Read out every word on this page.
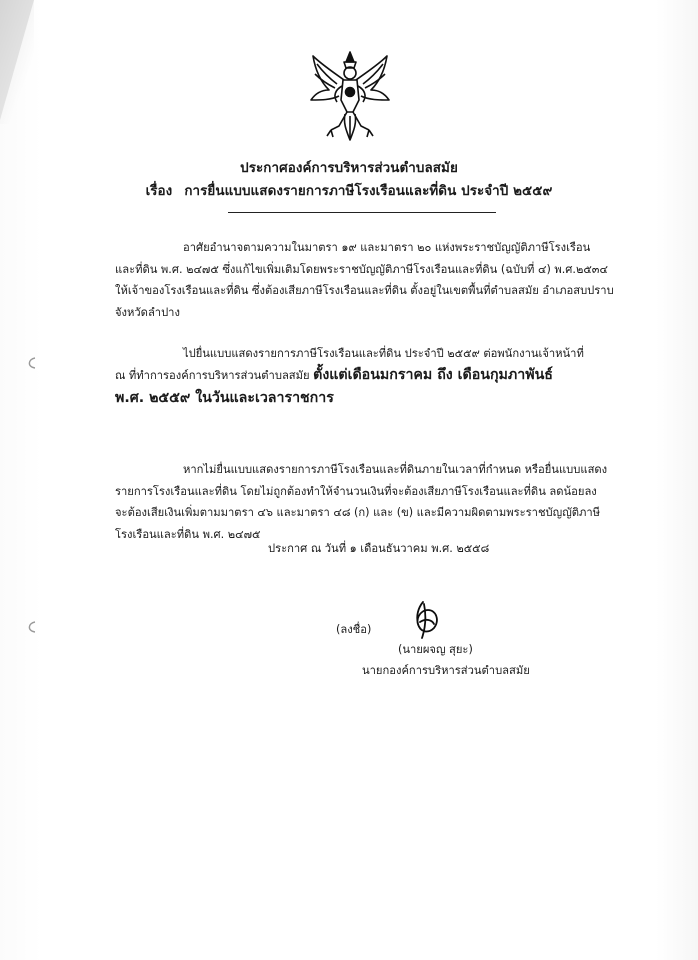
ประกาศองค์การบริหารส่วนตำบลสมัย
เรื่อง การยื่นแบบแสดงรายการภาษีโรงเรือนและที่ดิน ประจำปี ๒๕๕๙
อาศัยอำนาจตามความในมาตรา ๑๙ และมาตรา ๒๐ แห่งพระราชบัญญัติภาษีโรงเรือน
และที่ดิน พ.ศ. ๒๔๗๕ ซึ่งแก้ไขเพิ่มเติมโดยพระราชบัญญัติภาษีโรงเรือนและที่ดิน (ฉบับที่ ๔) พ.ศ.๒๕๓๔
ให้เจ้าของโรงเรือนและที่ดิน ซึ่งต้องเสียภาษีโรงเรือนและที่ดิน ตั้งอยู่ในเขตพื้นที่ตำบลสมัย อำเภอสบปราบ
จังหวัดลำปาง
ไปยื่นแบบแสดงรายการภาษีโรงเรือนและที่ดิน ประจำปี ๒๕๕๙ ต่อพนักงานเจ้าหน้าที่
ณ ที่ทำการองค์การบริหารส่วนตำบลสมัย ตั้งแต่เดือนมกราคม ถึง เดือนกุมภาพันธ์
พ.ศ. ๒๕๕๙ ในวันและเวลาราชการ
หากไม่ยื่นแบบแสดงรายการภาษีโรงเรือนและที่ดินภายในเวลาที่กำหนด หรือยื่นแบบแสดง
รายการโรงเรือนและที่ดิน โดยไม่ถูกต้องทำให้จำนวนเงินที่จะต้องเสียภาษีโรงเรือนและที่ดิน ลดน้อยลง
จะต้องเสียเงินเพิ่มตามมาตรา ๔๖ และมาตรา ๔๘ (ก) และ (ข) และมีความผิดตามพระราชบัญญัติภาษี
โรงเรือนและที่ดิน พ.ศ. ๒๔๗๕
ประกาศ ณ วันที่ ๑ เดือนธันวาคม พ.ศ. ๒๕๕๘
(ลงชื่อ)
(นายผจญ สุยะ)
นายกองค์การบริหารส่วนตำบลสมัย
